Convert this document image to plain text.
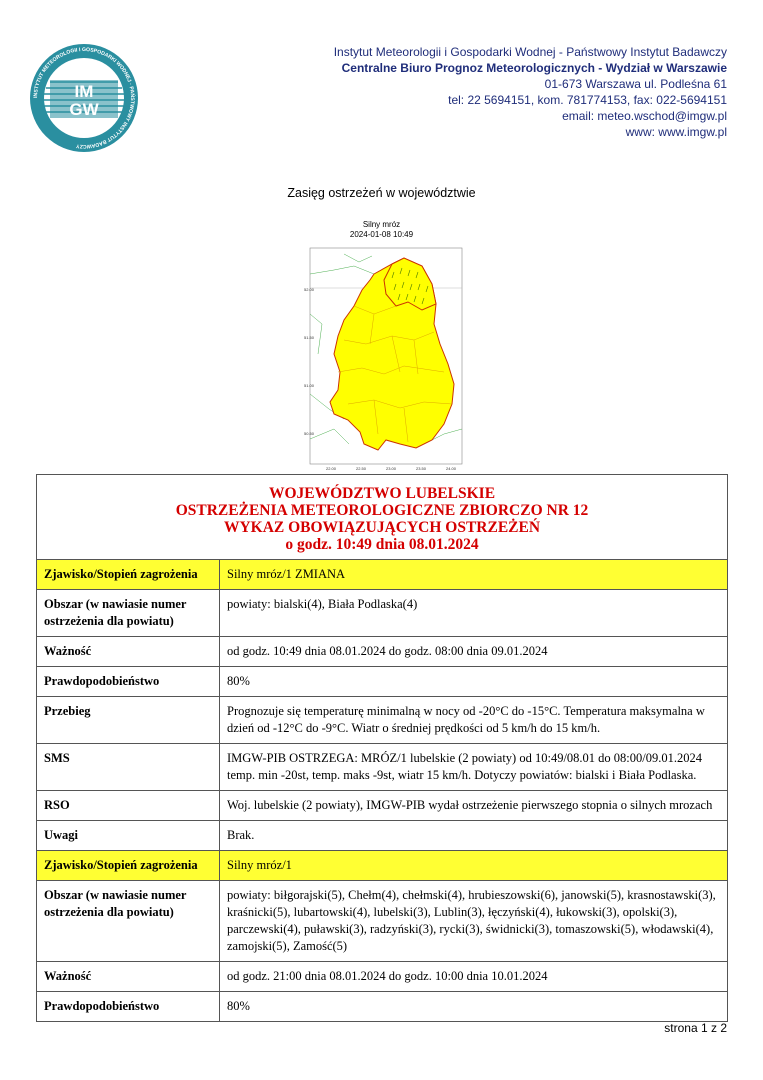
IM
GW
INSTYTUT METEOROLOGII I GOSPODARKI WODNEJ · PAŃSTWOWY INSTYTUT BADAWCZY
Instytut Meteorologii i Gospodarki Wodnej - Państwowy Instytut Badawczy
Centralne Biuro Prognoz Meteorologicznych - Wydział w Warszawie
01-673 Warszawa ul. Podleśna 61
tel: 22 5694151, kom. 781774153, fax: 022-5694151
email: meteo.wschod@imgw.pl
www: www.imgw.pl
Zasięg ostrzeżeń w województwie
Silny mróz
2024-01-08 10:49
52.00
51.50
51.00
50.50
22.00	22.50	23.00	23.50	24.00
WOJEWÓDZTWO LUBELSKIE
OSTRZEŻENIA METEOROLOGICZNE ZBIORCZO NR 12
WYKAZ OBOWIĄZUJĄCYCH OSTRZEŻEŃ
o godz. 10:49 dnia 08.01.2024	

Zjawisko/Stopień zagrożenia	Silny mróz/1 ZMIANA
Obszar (w nawiasie numer ostrzeżenia dla powiatu)	powiaty: bialski(4), Biała Podlaska(4)
Ważność	od godz. 10:49 dnia 08.01.2024 do godz. 08:00 dnia 09.01.2024
Prawdopodobieństwo	80%
Przebieg	Prognozuje się temperaturę minimalną w nocy od -20°C do -15°C. Temperatura maksymalna w dzień od -12°C do -9°C. Wiatr o średniej prędkości od 5 km/h do 15 km/h.
SMS	IMGW-PIB OSTRZEGA: MRÓZ/1 lubelskie (2 powiaty) od 10:49/08.01 do 08:00/09.01.2024 temp. min -20st, temp. maks -9st, wiatr 15 km/h. Dotyczy powiatów: bialski i Biała Podlaska.
RSO	Woj. lubelskie (2 powiaty), IMGW-PIB wydał ostrzeżenie pierwszego stopnia o silnych mrozach
Uwagi	Brak.
Zjawisko/Stopień zagrożenia	Silny mróz/1
Obszar (w nawiasie numer ostrzeżenia dla powiatu)	powiaty: biłgorajski(5), Chełm(4), chełmski(4), hrubieszowski(6), janowski(5), krasnostawski(3), kraśnicki(5), lubartowski(4), lubelski(3), Lublin(3), łęczyński(4), łukowski(3), opolski(3), parczewski(4), puławski(3), radzyński(3), rycki(3), świdnicki(3), tomaszowski(5), włodawski(4), zamojski(5), Zamość(5)
Ważność	od godz. 21:00 dnia 08.01.2024 do godz. 10:00 dnia 10.01.2024
Prawdopodobieństwo	80%
strona 1 z 2
